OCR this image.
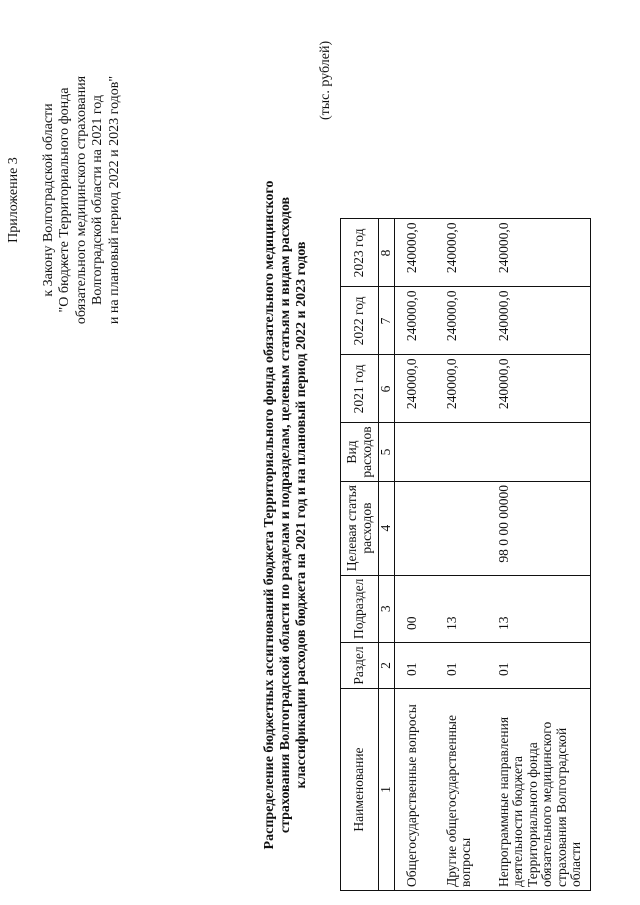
Приложение 3 к Закону Волгоградской области "О бюджете Территориального фонда обязательного медицинского страхования Волгоградской области на 2021 год и на плановый период 2022 и 2023 годов"	Распределение бюджетных ассигнований бюджета Территориального фонда обязательного медицинского страхования Волгоградской области по разделам и подразделам, целевым статьям и видам расходов классификации расходов бюджета на 2021 год и на плановый период 2022 и 2023 годов
(тыс. рублей)
Наименование	Раздел	Подраздел	Целевая статья расходов	Вид расходов	2021 год	2022 год	2023 год
1	2	3	4	5	6	7	8
Общегосударственные вопросы	01	00			240000,0	240000,0	240000,0
Другие общегосударственные вопросы	01	13			240000,0	240000,0	240000,0
Непрограммные направления деятельности бюджета Территориального фонда обязательного медицинского страхования Волгоградской области	01	13	98 0 00 00000		240000,0	240000,0	240000,0
